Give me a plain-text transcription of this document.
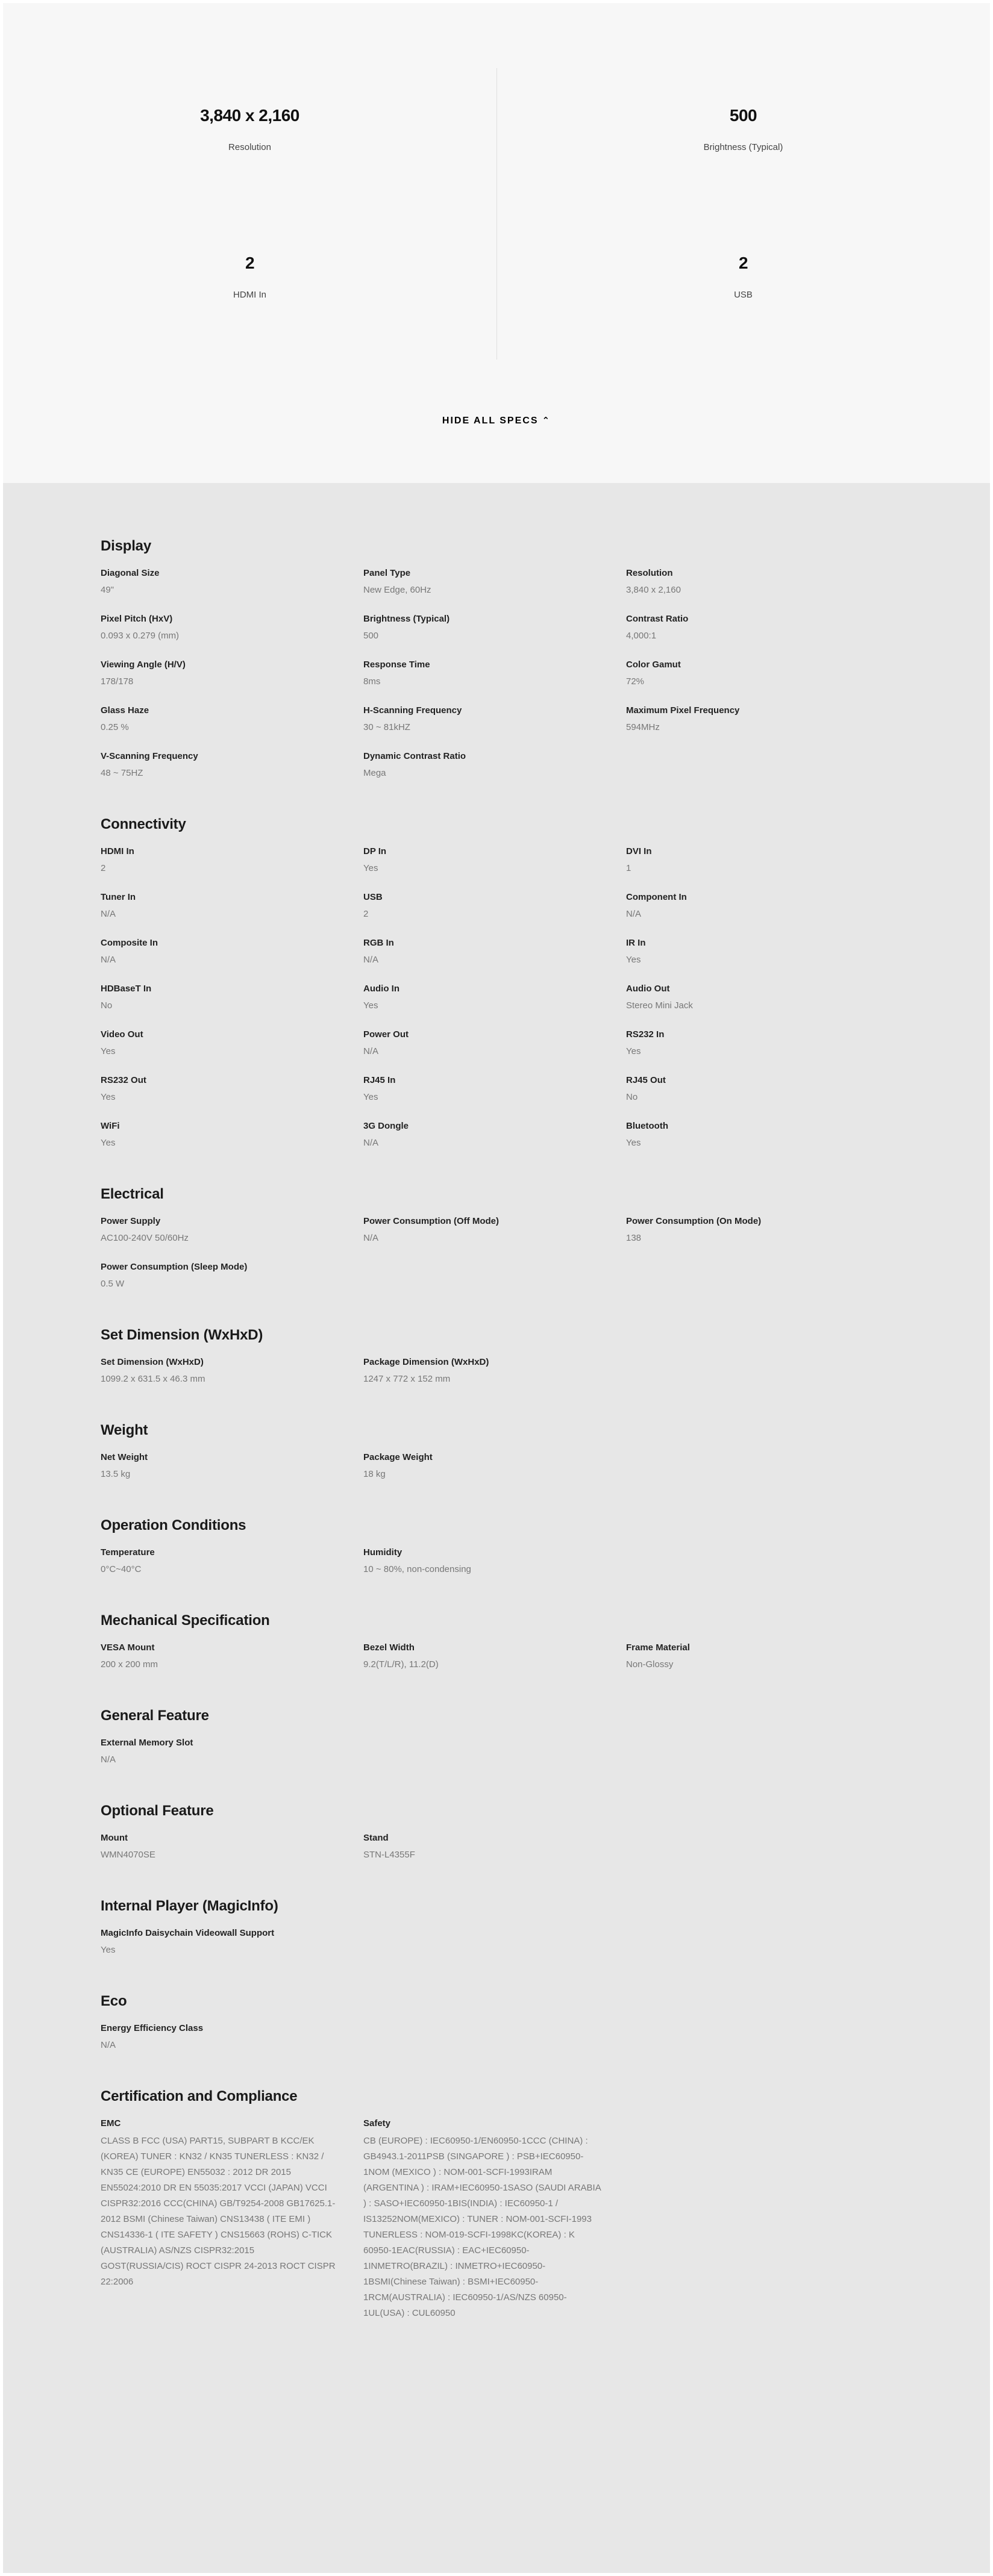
3,840 x 2,160
Resolution
500
Brightness (Typical)
2
HDMI In
2
USB
HIDE ALL SPECS ⌃
Display
Diagonal Size
49"
Panel Type
New Edge, 60Hz
Resolution
3,840 x 2,160
Pixel Pitch (HxV)
0.093 x 0.279 (mm)
Brightness (Typical)
500
Contrast Ratio
4,000:1
Viewing Angle (H/V)
178/178
Response Time
8ms
Color Gamut
72%
Glass Haze
0.25 %
H-Scanning Frequency
30 ~ 81kHZ
Maximum Pixel Frequency
594MHz
V-Scanning Frequency
48 ~ 75HZ
Dynamic Contrast Ratio
Mega
Connectivity
HDMI In
2
DP In
Yes
DVI In
1
Tuner In
N/A
USB
2
Component In
N/A
Composite In
N/A
RGB In
N/A
IR In
Yes
HDBaseT In
No
Audio In
Yes
Audio Out
Stereo Mini Jack
Video Out
Yes
Power Out
N/A
RS232 In
Yes
RS232 Out
Yes
RJ45 In
Yes
RJ45 Out
No
WiFi
Yes
3G Dongle
N/A
Bluetooth
Yes
Electrical
Power Supply
AC100-240V 50/60Hz
Power Consumption (Off Mode)
N/A
Power Consumption (On Mode)
138
Power Consumption (Sleep Mode)
0.5 W
Set Dimension (WxHxD)
Set Dimension (WxHxD)
1099.2 x 631.5 x 46.3 mm
Package Dimension (WxHxD)
1247 x 772 x 152 mm
Weight
Net Weight
13.5 kg
Package Weight
18 kg
Operation Conditions
Temperature
0°C~40°C
Humidity
10 ~ 80%, non-condensing
Mechanical Specification
VESA Mount
200 x 200 mm
Bezel Width
9.2(T/L/R), 11.2(D)
Frame Material
Non-Glossy
General Feature
External Memory Slot
N/A
Optional Feature
Mount
WMN4070SE
Stand
STN-L4355F
Internal Player (MagicInfo)
MagicInfo Daisychain Videowall Support
Yes
Eco
Energy Efficiency Class
N/A
Certification and Compliance
EMC
CLASS B FCC (USA) PART15, SUBPART B KCC/EK (KOREA) TUNER : KN32 / KN35 TUNERLESS : KN32 / KN35 CE (EUROPE) EN55032 : 2012 DR 2015 EN55024:2010 DR EN 55035:2017 VCCI (JAPAN) VCCI CISPR32:2016 CCC(CHINA) GB/T9254-2008 GB17625.1-2012 BSMI (Chinese Taiwan) CNS13438 ( ITE EMI ) CNS14336-1 ( ITE SAFETY ) CNS15663 (ROHS) C-TICK (AUSTRALIA) AS/NZS CISPR32:2015 GOST(RUSSIA/CIS) ROCT CISPR 24-2013 ROCT CISPR 22:2006
Safety
CB (EUROPE) : IEC60950-1/EN60950-1CCC (CHINA) : GB4943.1-2011PSB (SINGAPORE ) : PSB+IEC60950-1NOM (MEXICO ) : NOM-001-SCFI-1993IRAM (ARGENTINA ) : IRAM+IEC60950-1SASO (SAUDI ARABIA ) : SASO+IEC60950-1BIS(INDIA) : IEC60950-1 / IS13252NOM(MEXICO) : TUNER : NOM-001-SCFI-1993 TUNERLESS : NOM-019-SCFI-1998KC(KOREA) : K 60950-1EAC(RUSSIA) : EAC+IEC60950-1INMETRO(BRAZIL) : INMETRO+IEC60950-1BSMI(Chinese Taiwan) : BSMI+IEC60950-1RCM(AUSTRALIA) : IEC60950-1/AS/NZS 60950-1UL(USA) : CUL60950
